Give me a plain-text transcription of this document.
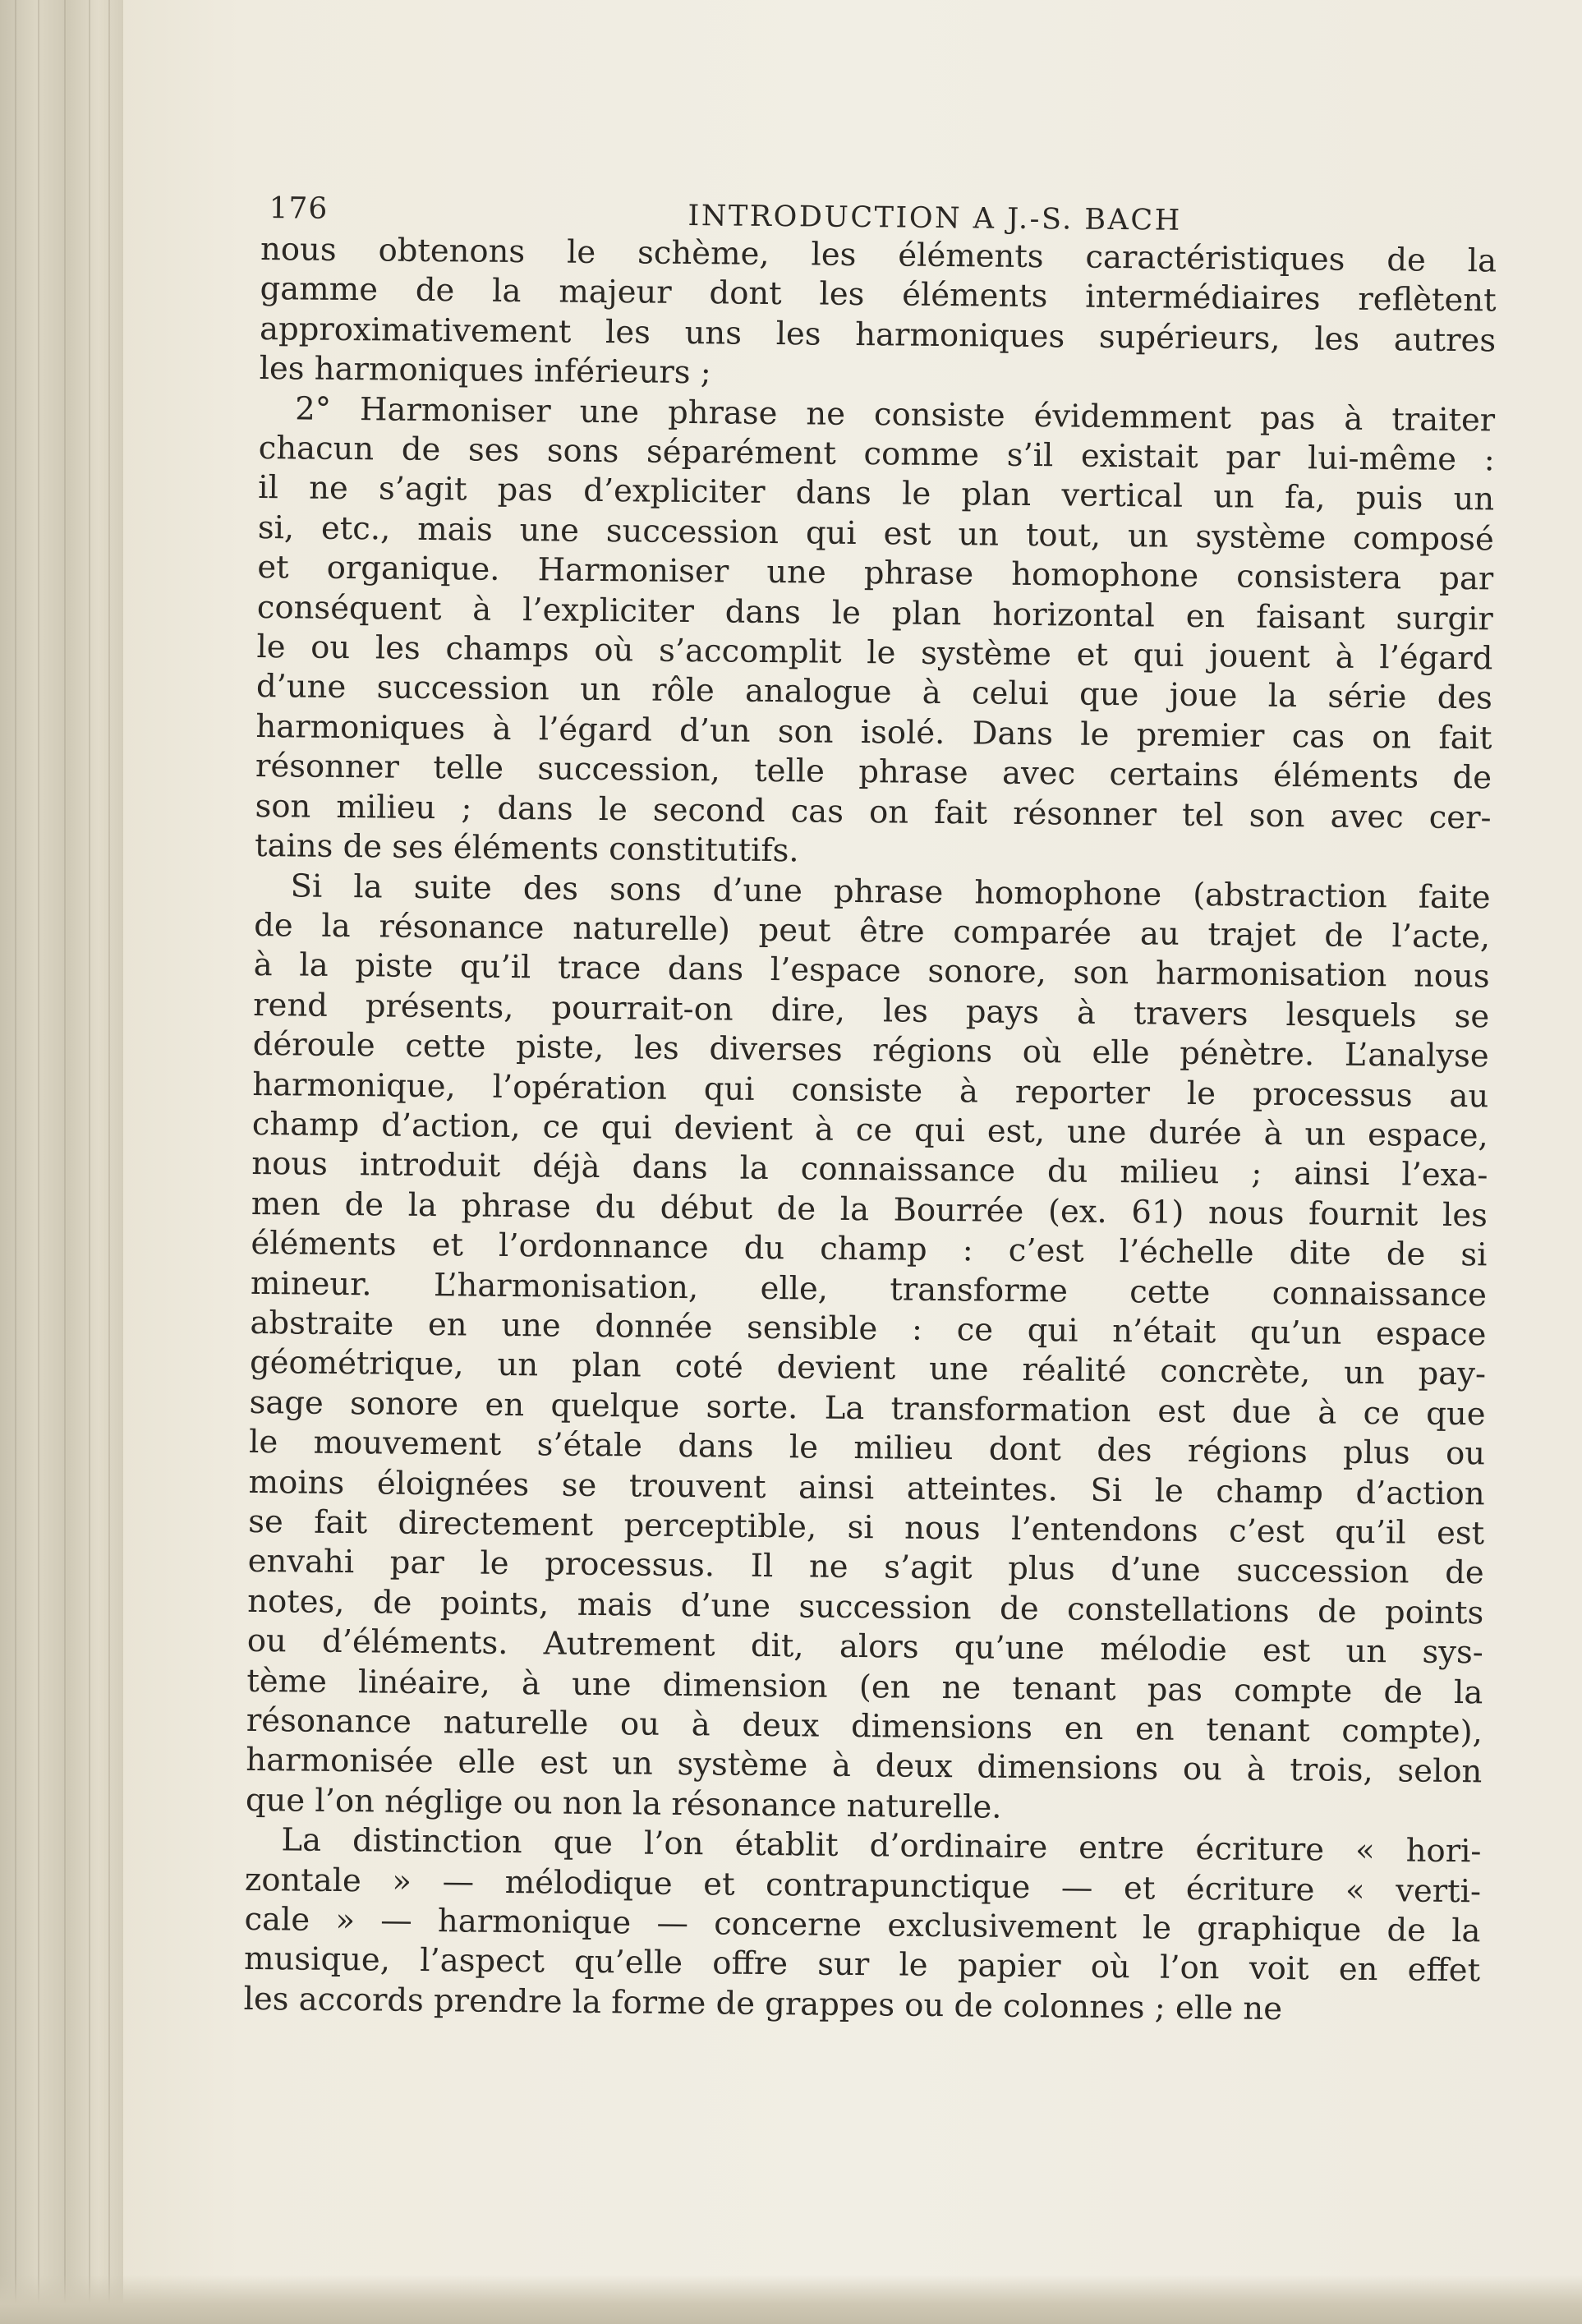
176	INTRODUCTION A J.-S. BACH

nous obtenons le schème, les éléments caractéristiques de la

gamme de la majeur dont les éléments intermédiaires reflètent

approximativement les uns les harmoniques supérieurs, les autres

les harmoniques inférieurs ;

2° Harmoniser une phrase ne consiste évidemment pas à traiter

chacun de ses sons séparément comme s’il existait par lui-même :

il ne s’agit pas d’expliciter dans le plan vertical un fa, puis un

si, etc., mais une succession qui est un tout, un système composé

et organique. Harmoniser une phrase homophone consistera par

conséquent à l’expliciter dans le plan horizontal en faisant surgir

le ou les champs où s’accomplit le système et qui jouent à l’égard

d’une succession un rôle analogue à celui que joue la série des

harmoniques à l’égard d’un son isolé. Dans le premier cas on fait

résonner telle succession, telle phrase avec certains éléments de

son milieu ; dans le second cas on fait résonner tel son avec cer-

tains de ses éléments constitutifs.

Si la suite des sons d’une phrase homophone (abstraction faite

de la résonance naturelle) peut être comparée au trajet de l’acte,

à la piste qu’il trace dans l’espace sonore, son harmonisation nous

rend présents, pourrait-on dire, les pays à travers lesquels se

déroule cette piste, les diverses régions où elle pénètre. L’analyse

harmonique, l’opération qui consiste à reporter le processus au

champ d’action, ce qui devient à ce qui est, une durée à un espace,

nous introduit déjà dans la connaissance du milieu ; ainsi l’exa-

men de la phrase du début de la Bourrée (ex. 61) nous fournit les

éléments et l’ordonnance du champ : c’est l’échelle dite de si

mineur. L’harmonisation, elle, transforme cette connaissance

abstraite en une donnée sensible : ce qui n’était qu’un espace

géométrique, un plan coté devient une réalité concrète, un pay-

sage sonore en quelque sorte. La transformation est due à ce que

le mouvement s’étale dans le milieu dont des régions plus ou

moins éloignées se trouvent ainsi atteintes. Si le champ d’action

se fait directement perceptible, si nous l’entendons c’est qu’il est

envahi par le processus. Il ne s’agit plus d’une succession de

notes, de points, mais d’une succession de constellations de points

ou d’éléments. Autrement dit, alors qu’une mélodie est un sys-

tème linéaire, à une dimension (en ne tenant pas compte de la

résonance naturelle ou à deux dimensions en en tenant compte),

harmonisée elle est un système à deux dimensions ou à trois, selon

que l’on néglige ou non la résonance naturelle.

La distinction que l’on établit d’ordinaire entre écriture « hori-

zontale » — mélodique et contrapunctique — et écriture « verti-

cale » — harmonique — concerne exclusivement le graphique de la

musique, l’aspect qu’elle offre sur le papier où l’on voit en effet

les accords prendre la forme de grappes ou de colonnes ; elle ne
